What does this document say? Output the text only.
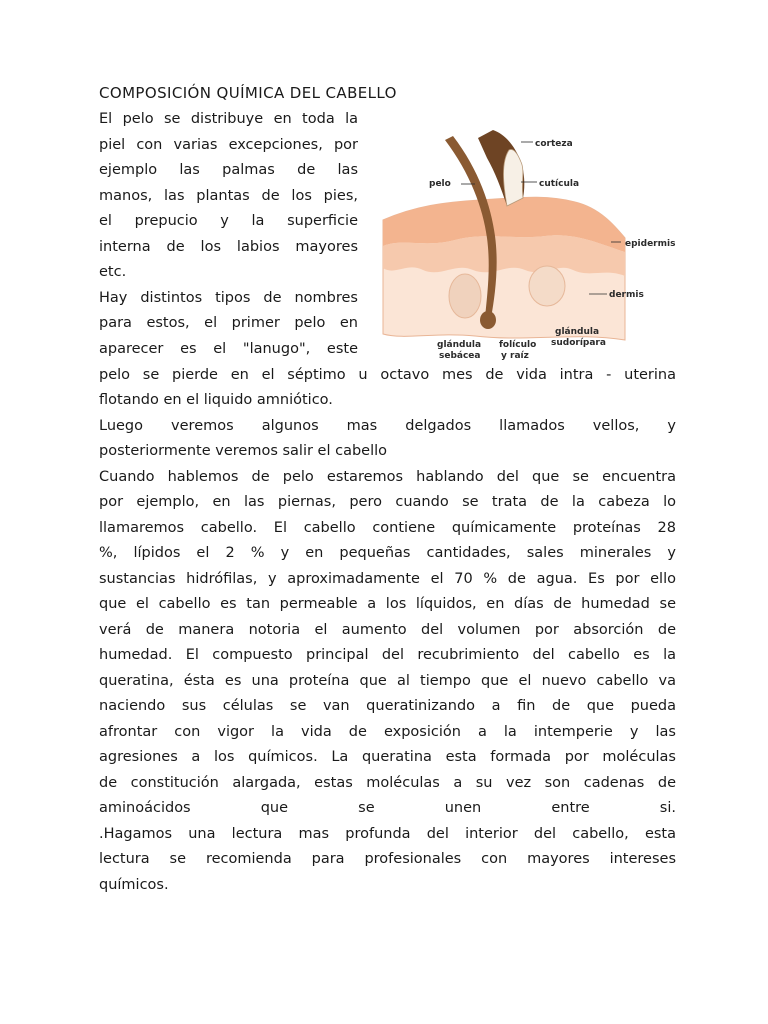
COMPOSICIÓN QUÍMICA DEL CABELLO
El pelo se distribuye en toda la
piel con varias excepciones, por
ejemplo las palmas de las
manos, las plantas de los pies,
el prepucio y la superficie
interna de los labios mayores
etc.
Hay distintos tipos de nombres
para estos, el primer pelo en
aparecer es el "lanugo", este
corteza
pelo	cutícula
epidermis
dermis
glándula
sudorípara
glándula
sebácea
folículo
y raíz
pelo se pierde en el séptimo u octavo mes de vida intra - uterina
flotando en el liquido amniótico.
Luego veremos algunos mas delgados llamados vellos, y
posteriormente veremos salir el cabello
Cuando hablemos de pelo estaremos hablando del que se encuentra
por ejemplo, en las piernas, pero cuando se trata de la cabeza lo
llamaremos cabello. El cabello contiene químicamente proteínas 28
%, lípidos el 2 % y en pequeñas cantidades, sales minerales y
sustancias hidrófilas, y aproximadamente el 70 % de agua. Es por ello
que el cabello es tan permeable a los líquidos, en días de humedad se
verá de manera notoria el aumento del volumen por absorción de
humedad. El compuesto principal del recubrimiento del cabello es la
queratina, ésta es una proteína que al tiempo que el nuevo cabello va
naciendo sus células se van queratinizando a fin de que pueda
afrontar con vigor la vida de exposición a la intemperie y las
agresiones a los químicos. La queratina esta formada por moléculas
de constitución alargada, estas moléculas a su vez son cadenas de
aminoácidos que se unen entre si.
.Hagamos una lectura mas profunda del interior del cabello, esta
lectura se recomienda para profesionales con mayores intereses
químicos.
